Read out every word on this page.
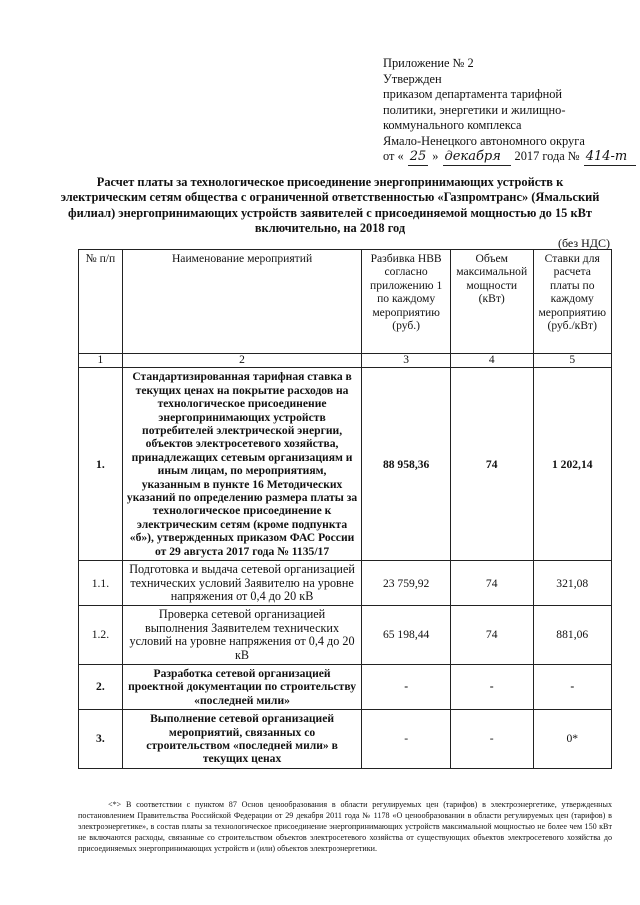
Приложение № 2
Утвержден
приказом департамента тарифной
политики, энергетики и жилищно-
коммунального комплекса
Ямало-Ненецкого автономного округа
от « 25 » декабря	2017 года № 414-т
Расчет платы за технологическое присоединение энергопринимающих устройств к электрическим сетям общества с ограниченной ответственностью «Газпромтранс» (Ямальский филиал) энергопринимающих устройств заявителей с присоединяемой мощностью до 15 кВт включительно, на 2018 год
(без НДС)
№ п/п	Наименование мероприятий	Разбивка НВВ согласно приложению 1 по каждому мероприятию (руб.)	Объем максимальной мощности (кВт)	Ставки для расчета платы по каждому мероприятию (руб./кВт)
1	2	3	4	5
1.	Стандартизированная тарифная ставка в текущих ценах на покрытие расходов на технологическое присоединение энергопринимающих устройств потребителей электрической энергии, объектов электросетевого хозяйства, принадлежащих сетевым организациям и иным лицам, по мероприятиям, указанным в пункте 16 Методических указаний по определению размера платы за технологическое присоединение к электрическим сетям (кроме подпункта «б»), утвержденных приказом ФАС России от 29 августа 2017 года № 1135/17	88 958,36	74	1 202,14
1.1.	Подготовка и выдача сетевой организацией технических условий Заявителю на уровне напряжения от 0,4 до 20 кВ	23 759,92	74	321,08
1.2.	Проверка сетевой организацией выполнения Заявителем технических условий на уровне напряжения от 0,4 до 20 кВ	65 198,44	74	881,06
2.	Разработка сетевой организацией проектной документации по строительству «последней мили»	-	-	-
3.	Выполнение сетевой организацией мероприятий, связанных со строительством «последней мили» в текущих ценах	-	-	0*
<*> В соответствии с пунктом 87 Основ ценообразования в области регулируемых цен (тарифов) в электроэнергетике, утвержденных постановлением Правительства Российской Федерации от 29 декабря 2011 года № 1178 «О ценообразовании в области регулируемых цен (тарифов) в электроэнергетике», в состав платы за технологическое присоединение энергопринимающих устройств максимальной мощностью не более чем 150 кВт не включаются расходы, связанные со строительством объектов электросетевого хозяйства от существующих объектов электросетевого хозяйства до присоединяемых энергопринимающих устройств и (или) объектов электроэнергетики.
